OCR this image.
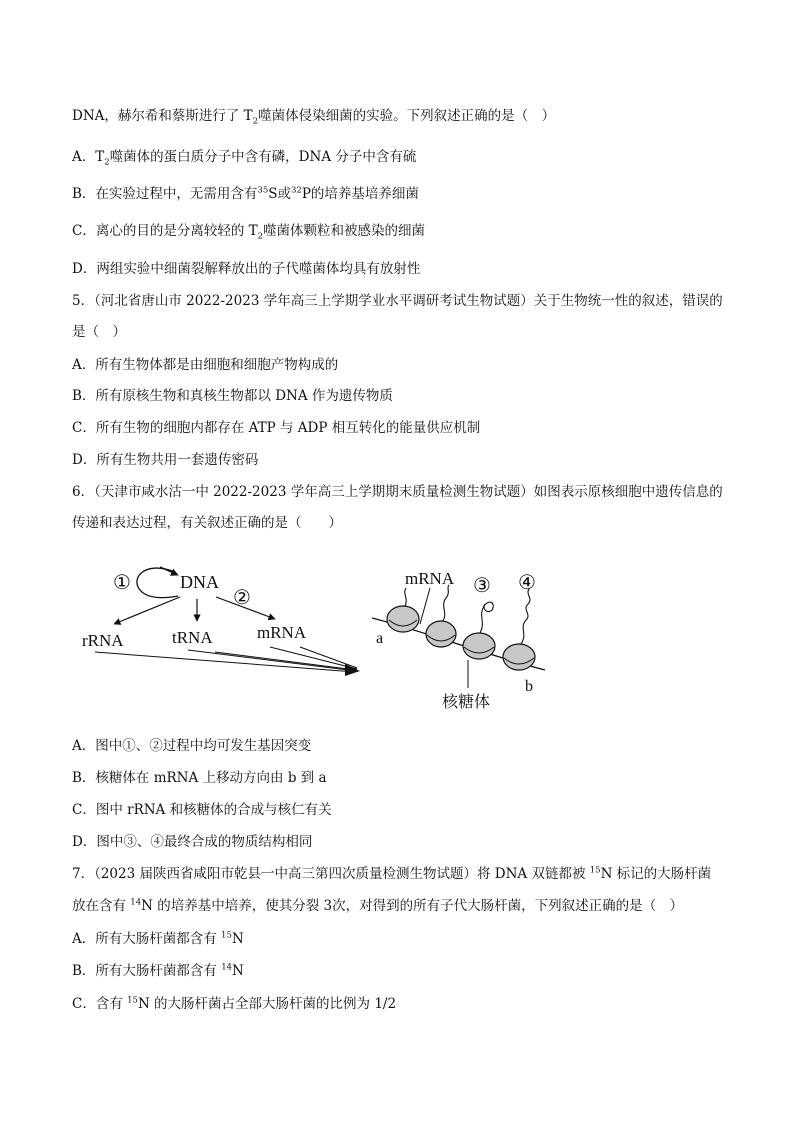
DNA，赫尔希和蔡斯进行了 $T_2$噬菌体侵染细菌的实验。下列叙述正确的是（　）
A．$T_2$噬菌体的蛋白质分子中含有磷，DNA 分子中含有硫
B．在实验过程中，无需用含有$^{35}$S或$^{32}$P的培养基培养细菌
C．离心的目的是分离较轻的 $T_2$噬菌体颗粒和被感染的细菌
D．两组实验中细菌裂解释放出的子代噬菌体均具有放射性
5．（河北省唐山市 2022-2023 学年高三上学期学业水平调研考试生物试题）关于生物统一性的叙述，错误的
是（　）
A．所有生物体都是由细胞和细胞产物构成的
B．所有原核生物和真核生物都以 DNA 作为遗传物质
C．所有生物的细胞内都存在 ATP 与 ADP 相互转化的能量供应机制
D．所有生物共用一套遗传密码
6．（天津市咸水沽一中 2022-2023 学年高三上学期期末质量检测生物试题）如图表示原核细胞中遗传信息的
传递和表达过程，有关叙述正确的是（　　）
①	DNA
②
rRNA	tRNA	mRNA
mRNA ③ ④
a
b
核糖体
A．图中①、②过程中均可发生基因突变
B．核糖体在 mRNA 上移动方向由 b 到 a
C．图中 rRNA 和核糖体的合成与核仁有关
D．图中③、④最终合成的物质结构相同
7．（2023 届陕西省咸阳市乾县一中高三第四次质量检测生物试题）将 DNA 双链都被 $^{15}$N 标记的大肠杆菌
放在含有 $^{14}$N 的培养基中培养，使其分裂 3次，对得到的所有子代大肠杆菌，下列叙述正确的是（　）
A．所有大肠杆菌都含有 $^{15}$N
B．所有大肠杆菌都含有 $^{14}$N
C．含有 $^{15}$N 的大肠杆菌占全部大肠杆菌的比例为 1/2
